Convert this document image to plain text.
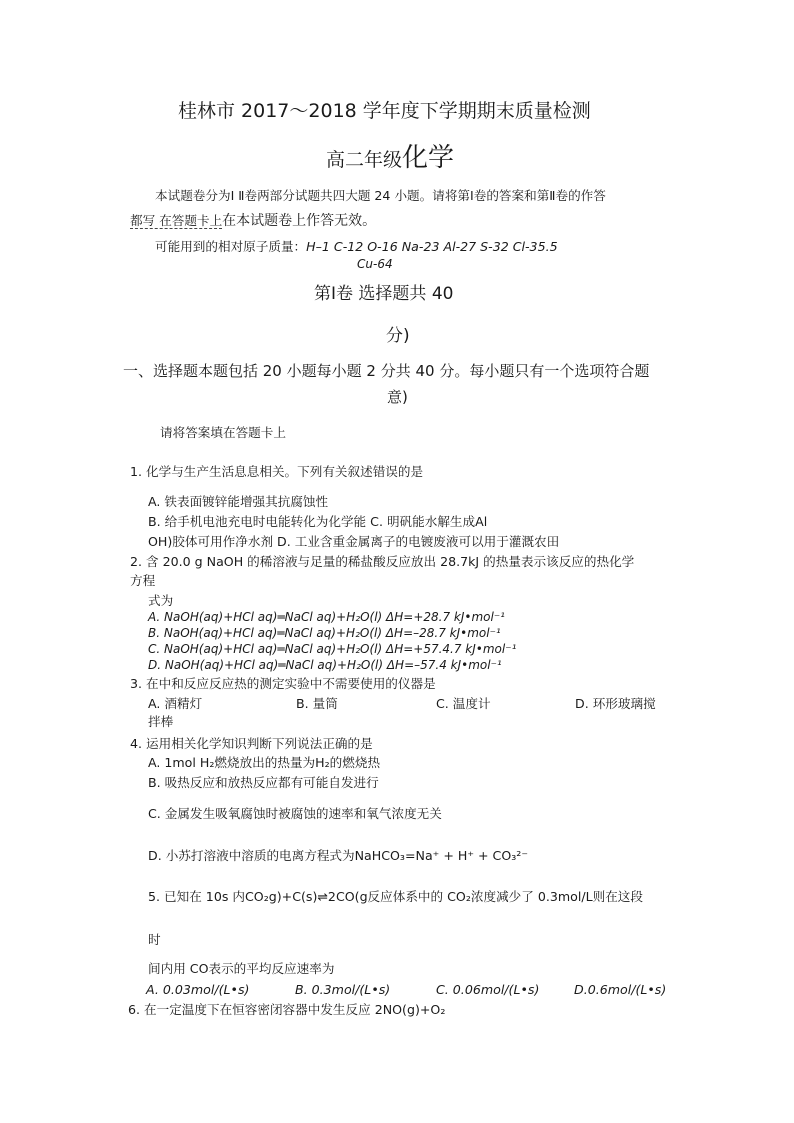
桂林市 2017～2018 学年度下学期期末质量检测
高二年级化学
本试题卷分为Ⅰ Ⅱ卷两部分试题共四大题 24 小题。请将第Ⅰ卷的答案和第Ⅱ卷的作答
都写 在答题卡上在本试题卷上作答无效。
可能用到的相对原子质量：H–1 C-12 O-16 Na-23 Al-27 S-32 Cl-35.5
Cu-64
第Ⅰ卷 选择题共 40
分)
一、选择题本题包括 20 小题每小题 2 分共 40 分。每小题只有一个选项符合题
意)
请将答案填在答题卡上
1. 化学与生产生活息息相关。下列有关叙述错误的是
A. 铁表面镀锌能增强其抗腐蚀性
B. 给手机电池充电时电能转化为化学能 C. 明矾能水解生成Al
OH)胶体可用作净水剂 D. 工业含重金属离子的电镀废液可以用于灌溉农田
2. 含 20.0 g NaOH 的稀溶液与足量的稀盐酸反应放出 28.7kJ 的热量表示该反应的热化学
方程
式为
A. NaOH(aq)+HCl aq)═NaCl aq)+H₂O(l) ΔH=+28.7 kJ•mol⁻¹
B. NaOH(aq)+HCl aq)═NaCl aq)+H₂O(l) ΔH=–28.7 kJ•mol⁻¹
C. NaOH(aq)+HCl aq)═NaCl aq)+H₂O(l) ΔH=+57.4.7 kJ•mol⁻¹
D. NaOH(aq)+HCl aq)═NaCl aq)+H₂O(l) ΔH=–57.4 kJ•mol⁻¹
3. 在中和反应反应热的测定实验中不需要使用的仪器是
A. 酒精灯	B. 量筒	C. 温度计	D. 环形玻璃搅
拌棒
4. 运用相关化学知识判断下列说法正确的是
A. 1mol H₂燃烧放出的热量为H₂的燃烧热
B. 吸热反应和放热反应都有可能自发进行
C. 金属发生吸氧腐蚀时被腐蚀的速率和氧气浓度无关
D. 小苏打溶液中溶质的电离方程式为NaHCO₃=Na⁺ + H⁺ + CO₃²⁻
5. 已知在 10s 内CO₂g)+C(s)⇌2CO(g反应体系中的 CO₂浓度减少了 0.3mol/L则在这段
时
间内用 CO表示的平均反应速率为
A. 0.03mol/(L•s)	B. 0.3mol/(L•s)	C. 0.06mol/(L•s)	D.0.6mol/(L•s)
6. 在一定温度下在恒容密闭容器中发生反应 2NO(g)+O₂
